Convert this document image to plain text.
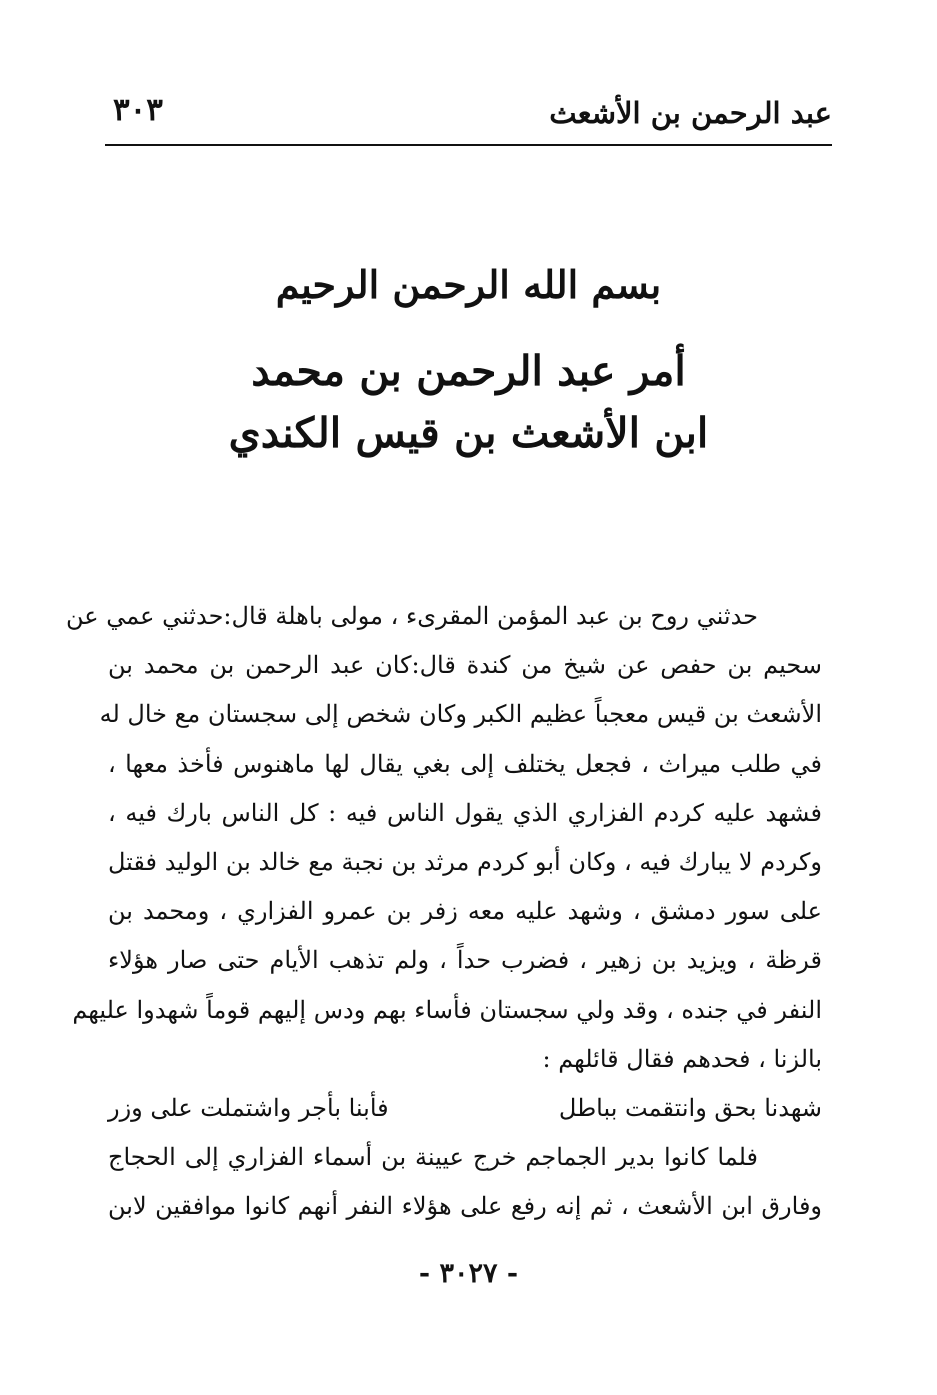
عبد الرحمن بن الأشعث
٣٠٣
بسم الله الرحمن الرحيم
أمر عبد الرحمن بن محمد
ابن الأشعث بن قيس الكندي
حدثني روح بن عبد المؤمن المقرىء ، مولى باهلة قال:حدثني عمي عن
سحيم بن حفص عن شيخ من كندة قال:كان عبد الرحمن بن محمد بن
الأشعث بن قيس معجباً عظيم الكبر وكان شخص إلى سجستان مع خال له
في طلب ميراث ، فجعل يختلف إلى بغي يقال لها ماهنوس فأخذ معها ،
فشهد عليه كردم الفزاري الذي يقول الناس فيه : كل الناس بارك فيه ،
وكردم لا يبارك فيه ، وكان أبو كردم مرثد بن نجبة مع خالد بن الوليد فقتل
على سور دمشق ، وشهد عليه معه زفر بن عمرو الفزاري ، ومحمد بن
قرظة ، ويزيد بن زهير ، فضرب حداً ، ولم تذهب الأيام حتى صار هؤلاء
النفر في جنده ، وقد ولي سجستان فأساء بهم ودس إليهم قوماً شهدوا عليهم
بالزنا ، فحدهم فقال قائلهم :
شهدنا بحق وانتقمت بباطل
فأبنا بأجر واشتملت على وزر
فلما كانوا بدير الجماجم خرج عيينة بن أسماء الفزاري إلى الحجاج
وفارق ابن الأشعث ، ثم إنه رفع على هؤلاء النفر أنهم كانوا موافقين لابن
- ٣٠٢٧ -
